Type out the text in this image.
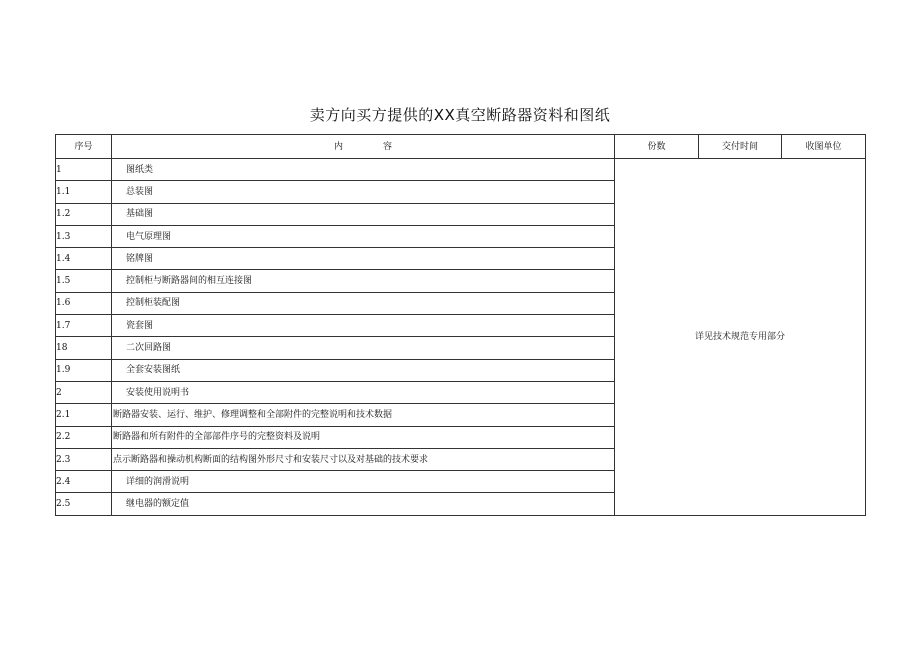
卖方向买方提供的XX真空断路器资料和图纸
序号	内 容	份数	交付时间	收图单位
1	图纸类	详见技术规范专用部分		
1.1	总装图			
1.2	基础图			
1.3	电气原理图			
1.4	铭牌图			
1.5	控制柜与断路器间的相互连接图			
1.6	控制柜装配图			
1.7	瓷套图			
18	二次回路图			
1.9	全套安装图纸			
2	安装使用说明书			
2.1	断路器安装、运行、维护、修理调整和全部附件的完整说明和技术数据			
2.2	断路器和所有附件的全部部件序号的完整资料及说明			
2.3	点示断路器和操动机构断面的结构图外形尺寸和安装尺寸以及对基础的技术要求			
2.4	详细的润滑说明			
2.5	继电器的额定值			
